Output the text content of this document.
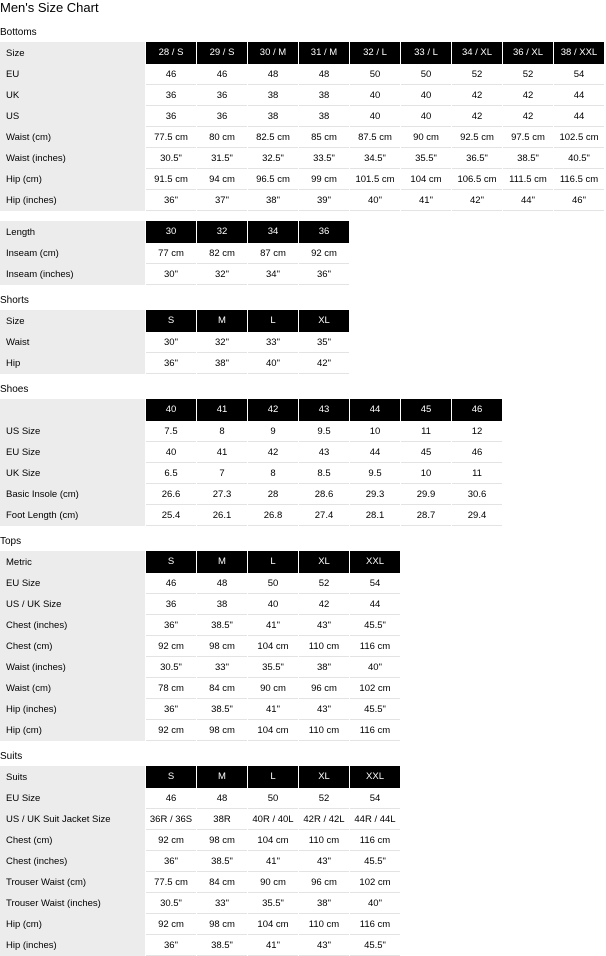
Men's Size Chart
Bottoms
Size	28 / S	29 / S	30 / M	31 / M	32 / L	33 / L	34 / XL	36 / XL	38 / XXL
EU	46	46	48	48	50	50	52	52	54
UK	36	36	38	38	40	40	42	42	44
US	36	36	38	38	40	40	42	42	44
Waist (cm)	77.5 cm	80 cm	82.5 cm	85 cm	87.5 cm	90 cm	92.5 cm	97.5 cm	102.5 cm
Waist (inches)	30.5"	31.5"	32.5"	33.5"	34.5"	35.5"	36.5"	38.5"	40.5"
Hip (cm)	91.5 cm	94 cm	96.5 cm	99 cm	101.5 cm	104 cm	106.5 cm	111.5 cm	116.5 cm
Hip (inches)	36"	37"	38"	39"	40"	41"	42"	44"	46"
Length	30	32	34	36
Inseam (cm)	77 cm	82 cm	87 cm	92 cm
Inseam (inches)	30"	32"	34"	36"
Shorts
Size	S	M	L	XL
Waist	30"	32"	33"	35"
Hip	36"	38"	40"	42"
Shoes
	40	41	42	43	44	45	46
US Size	7.5	8	9	9.5	10	11	12
EU Size	40	41	42	43	44	45	46
UK Size	6.5	7	8	8.5	9.5	10	11
Basic Insole (cm)	26.6	27.3	28	28.6	29.3	29.9	30.6
Foot Length (cm)	25.4	26.1	26.8	27.4	28.1	28.7	29.4
Tops
Metric	S	M	L	XL	XXL
EU Size	46	48	50	52	54
US / UK Size	36	38	40	42	44
Chest (inches)	36"	38.5"	41"	43"	45.5"
Chest (cm)	92 cm	98 cm	104 cm	110 cm	116 cm
Waist (inches)	30.5"	33"	35.5"	38"	40"
Waist (cm)	78 cm	84 cm	90 cm	96 cm	102 cm
Hip (inches)	36"	38.5"	41"	43"	45.5"
Hip (cm)	92 cm	98 cm	104 cm	110 cm	116 cm
Suits
Suits	S	M	L	XL	XXL
EU Size	46	48	50	52	54
US / UK Suit Jacket Size	36R / 36S	38R	40R / 40L	42R / 42L	44R / 44L
Chest (cm)	92 cm	98 cm	104 cm	110 cm	116 cm
Chest (inches)	36"	38.5"	41"	43"	45.5"
Trouser Waist (cm)	77.5 cm	84 cm	90 cm	96 cm	102 cm
Trouser Waist (inches)	30.5"	33"	35.5"	38"	40"
Hip (cm)	92 cm	98 cm	104 cm	110 cm	116 cm
Hip (inches)	36"	38.5"	41"	43"	45.5"
